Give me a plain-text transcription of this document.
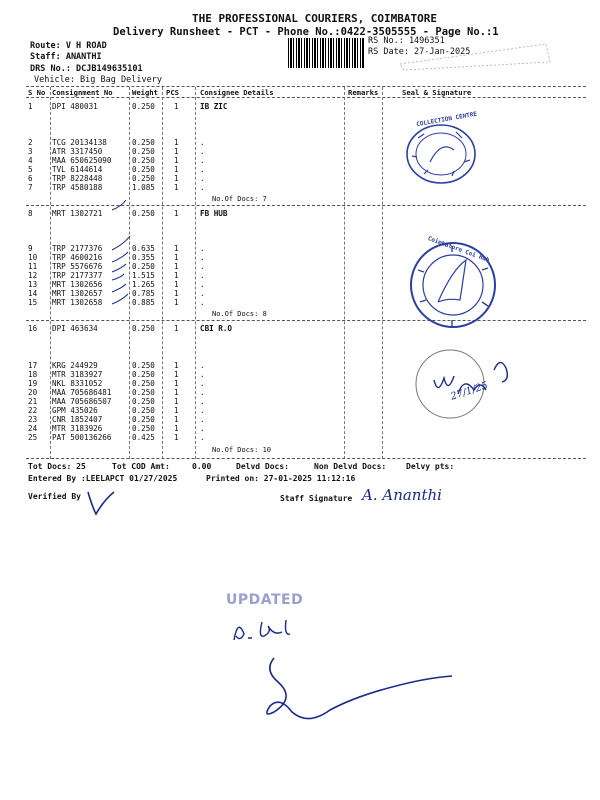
THE PROFESSIONAL COURIERS, COIMBATORE
Delivery Runsheet - PCT - Phone No.:0422-3505555 - Page No.:1
Route: V H ROAD
Staff: ANANTHI
DRS No.: DCJB149635101
Vehicle: Big Bag Delivery
RS No.: 1496351
RS Date: 27-Jan-2025
S No Consignment No	Weight PCS	Consignee Details	Remarks	Seal & Signature
1	DPI 480031	0.250	1	IB ZIC
2	TCG 20134138	0.250	1	.
3	ATR 3317450	0.250	1	.
4	MAA 650625090	0.250	1	.
5	TVL 6144614	0.250	1	.
6	TRP 8228448	0.250	1	.
7	TRP 4580188	1.085	1	.
No.Of Docs: 7
8	MRT 1302721	0.250	1	FB HUB
9	TRP 2177376	0.635	1	.
10 TRP 4600216	0.355	1	.
11 TRP 5576676	0.250	1	.
12 TRP 2177377	1.515	1	.
13 MRT 1302656	1.265	1	.
14 MRT 1302657	0.785	1	.
15 MRT 1302658	0.885	1	.
No.Of Docs: 8
16 DPI 463634	0.250	1	CBI R.O
17 KRG 244929	0.250	1	.
18 MTR 3183927	0.250	1	.
19 NKL 8331052	0.250	1	.
20 MAA 705686481	0.250	1	.
21 MAA 705686507	0.250	1	.
22 GPM 435026	0.250	1	.
23 CNR 1852407	0.250	1	.
24 MTR 3183926	0.250	1	.
25 PAT 500136266	0.425	1	.
No.Of Docs: 10
COLLECTION CENTRE
Coimbatore Coi Hub
27/1/25
Tot Docs: 25	Tot COD Amt:	0.00	Delvd Docs:	Non Delvd Docs: Delvy pts:
Entered By :LEELAPCT 01/27/2025	Printed on: 27-01-2025 11:12:16
Verified By	Staff Signature A. Ananthi
UPDATED
